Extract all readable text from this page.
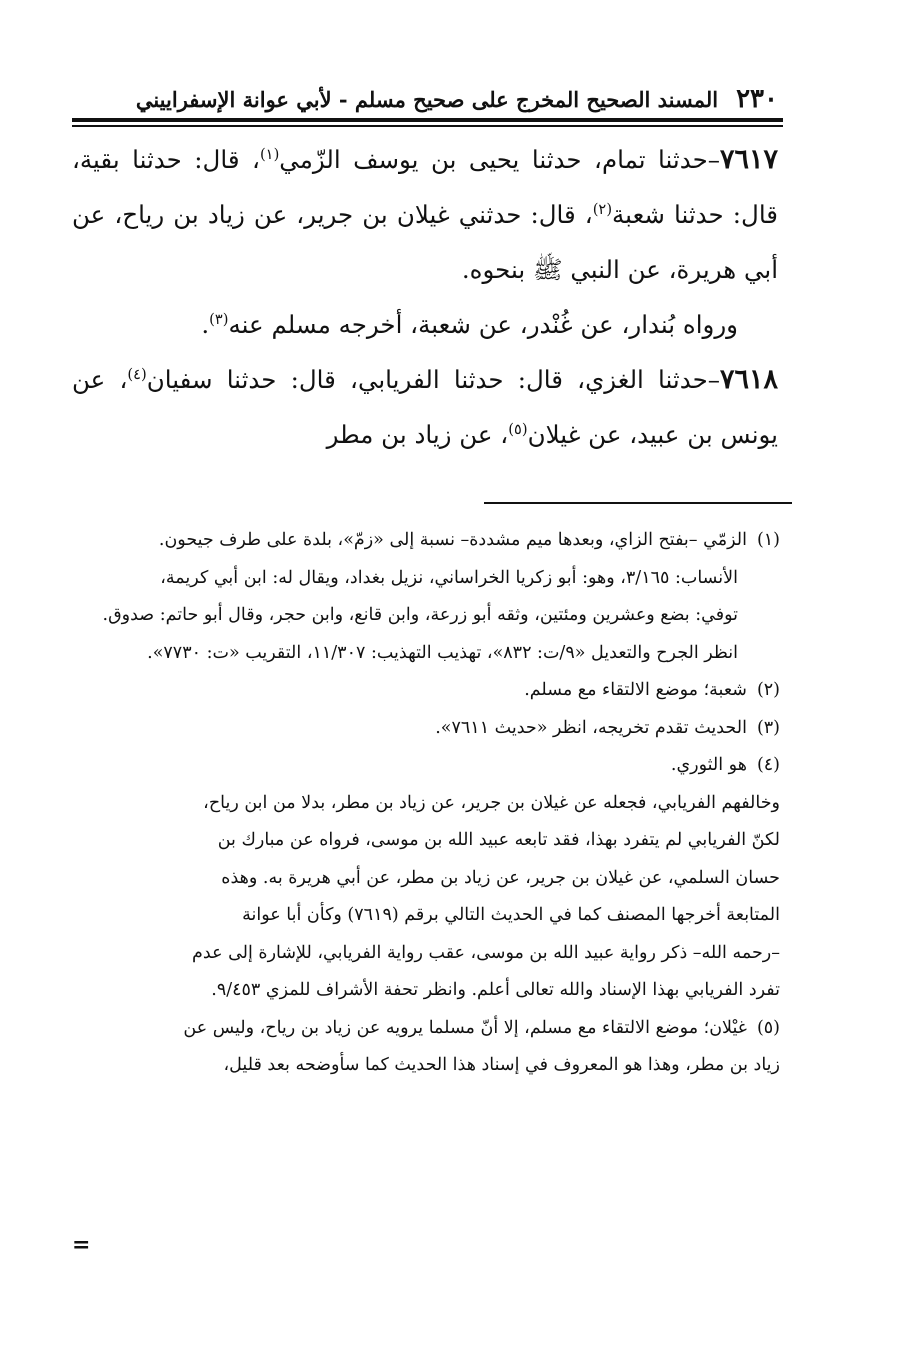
٢٣٠
المسند الصحيح المخرج على صحيح مسلم - لأبي عوانة الإسفراييني

٧٦١٧–حدثنا تمام، حدثنا يحيى بن يوسف الزّمي$^{(١)}$، قال: حدثنا بقية، قال: حدثنا شعبة$^{(٢)}$، قال: حدثني غيلان بن جرير، عن زياد بن رياح، عن أبي هريرة، عن النبي ﷺ بنحوه.

ورواه بُندار، عن غُنْدر، عن شعبة، أخرجه مسلم عنه$^{(٣)}$.

٧٦١٨–حدثنا الغزي، قال: حدثنا الفريابي، قال: حدثنا سفيان$^{(٤)}$، عن يونس بن عبيد، عن غيلان$^{(٥)}$، عن زياد بن مطر

(١)
الزمّي –بفتح الزاي، وبعدها ميم مشددة– نسبة إلى «زمّ»، بلدة على طرف جيحون.

الأنساب: ٣/١٦٥، وهو: أبو زكريا الخراساني، نزيل بغداد، ويقال له: ابن أبي كريمة،

توفي: بضع وعشرين ومئتين، وثقه أبو زرعة، وابن قانع، وابن حجر، وقال أبو حاتم: صدوق.

انظر الجرح والتعديل «٩/ت: ٨٣٢»، تهذيب التهذيب: ١١/٣٠٧، التقريب «ت: ٧٧٣٠».

(٢)
شعبة؛ موضع الالتقاء مع مسلم.

(٣)
الحديث تقدم تخريجه، انظر «حديث ٧٦١١».

(٤)
هو الثوري.

وخالفهم الفريابي، فجعله عن غيلان بن جرير، عن زياد بن مطر، بدلا من ابن رياح،

لكنّ الفريابي لم يتفرد بهذا، فقد تابعه عبيد الله بن موسى، فرواه عن مبارك بن

حسان السلمي، عن غيلان بن جرير، عن زياد بن مطر، عن أبي هريرة به. وهذه

المتابعة أخرجها المصنف كما في الحديث التالي برقم (٧٦١٩) وكأن أبا عوانة

–رحمه الله– ذكر رواية عبيد الله بن موسى، عقب رواية الفريابي، للإشارة إلى عدم

تفرد الفريابي بهذا الإسناد والله تعالى أعلم. وانظر تحفة الأشراف للمزي ٩/٤٥٣.

(٥)
غيْلان؛ موضع الالتقاء مع مسلم، إلا أنّ مسلما يرويه عن زياد بن رياح، وليس عن

زياد بن مطر، وهذا هو المعروف في إسناد هذا الحديث كما سأوضحه بعد قليل،

=
